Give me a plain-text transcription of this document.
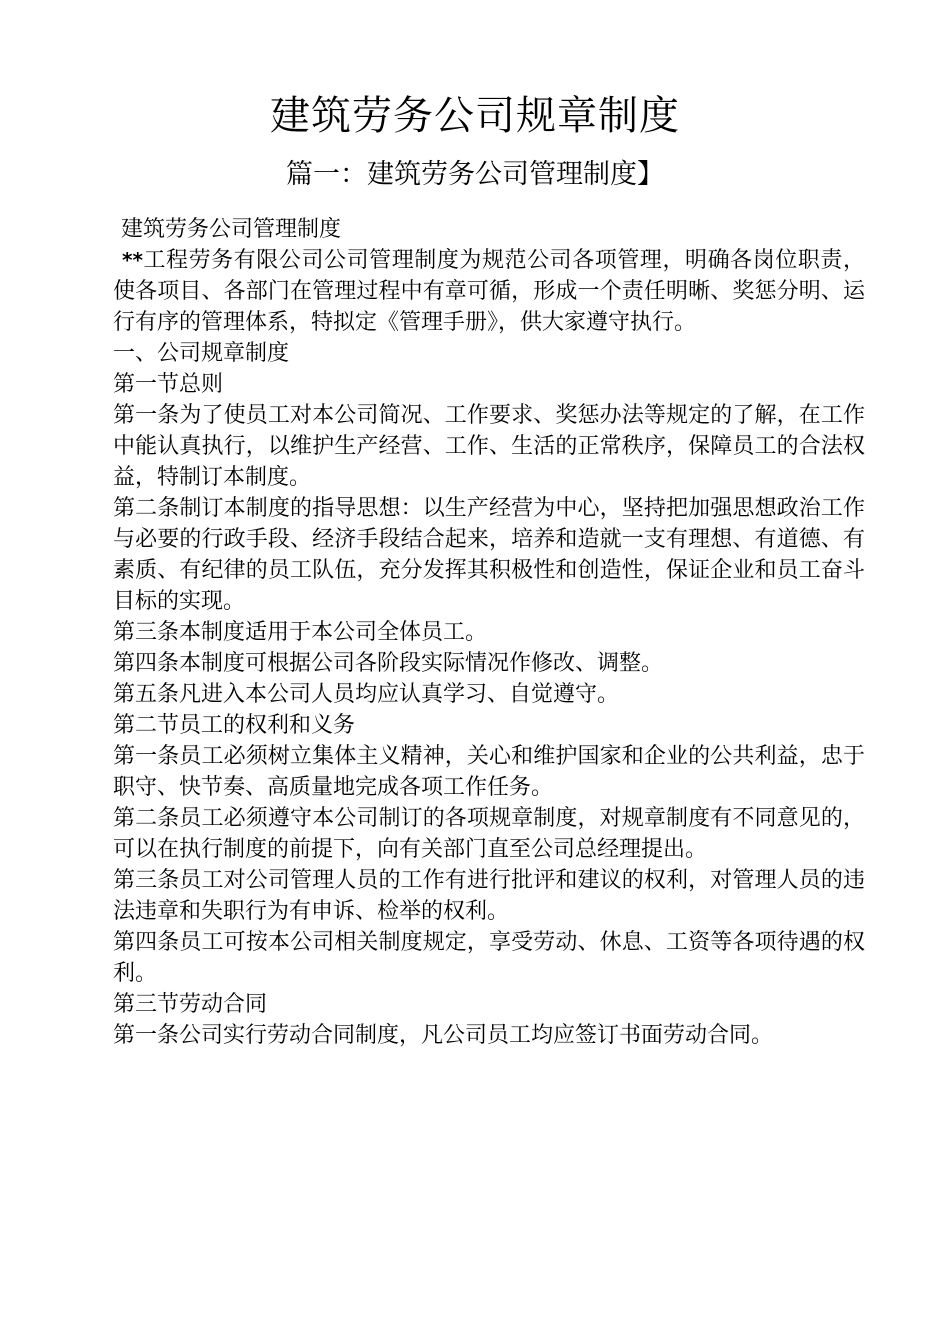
建筑劳务公司规章制度
篇一：建筑劳务公司管理制度】

建筑劳务公司管理制度

**工程劳务有限公司公司管理制度为规范公司各项管理，明确各岗位职责，使各项目、各部门在管理过程中有章可循，形成一个责任明晰、奖惩分明、运行有序的管理体系，特拟定《管理手册》，供大家遵守执行。

一、公司规章制度

第一节总则

第一条为了使员工对本公司简况、工作要求、奖惩办法等规定的了解，在工作中能认真执行，以维护生产经营、工作、生活的正常秩序，保障员工的合法权益，特制订本制度。

第二条制订本制度的指导思想：以生产经营为中心，坚持把加强思想政治工作与必要的行政手段、经济手段结合起来，培养和造就一支有理想、有道德、有素质、有纪律的员工队伍，充分发挥其积极性和创造性，保证企业和员工奋斗目标的实现。

第三条本制度适用于本公司全体员工。

第四条本制度可根据公司各阶段实际情况作修改、调整。

第五条凡进入本公司人员均应认真学习、自觉遵守。

第二节员工的权利和义务

第一条员工必须树立集体主义精神，关心和维护国家和企业的公共利益，忠于职守、快节奏、高质量地完成各项工作任务。

第二条员工必须遵守本公司制订的各项规章制度，对规章制度有不同意见的，可以在执行制度的前提下，向有关部门直至公司总经理提出。

第三条员工对公司管理人员的工作有进行批评和建议的权利，对管理人员的违法违章和失职行为有申诉、检举的权利。

第四条员工可按本公司相关制度规定，享受劳动、休息、工资等各项待遇的权利。

第三节劳动合同

第一条公司实行劳动合同制度，凡公司员工均应签订书面劳动合同。
